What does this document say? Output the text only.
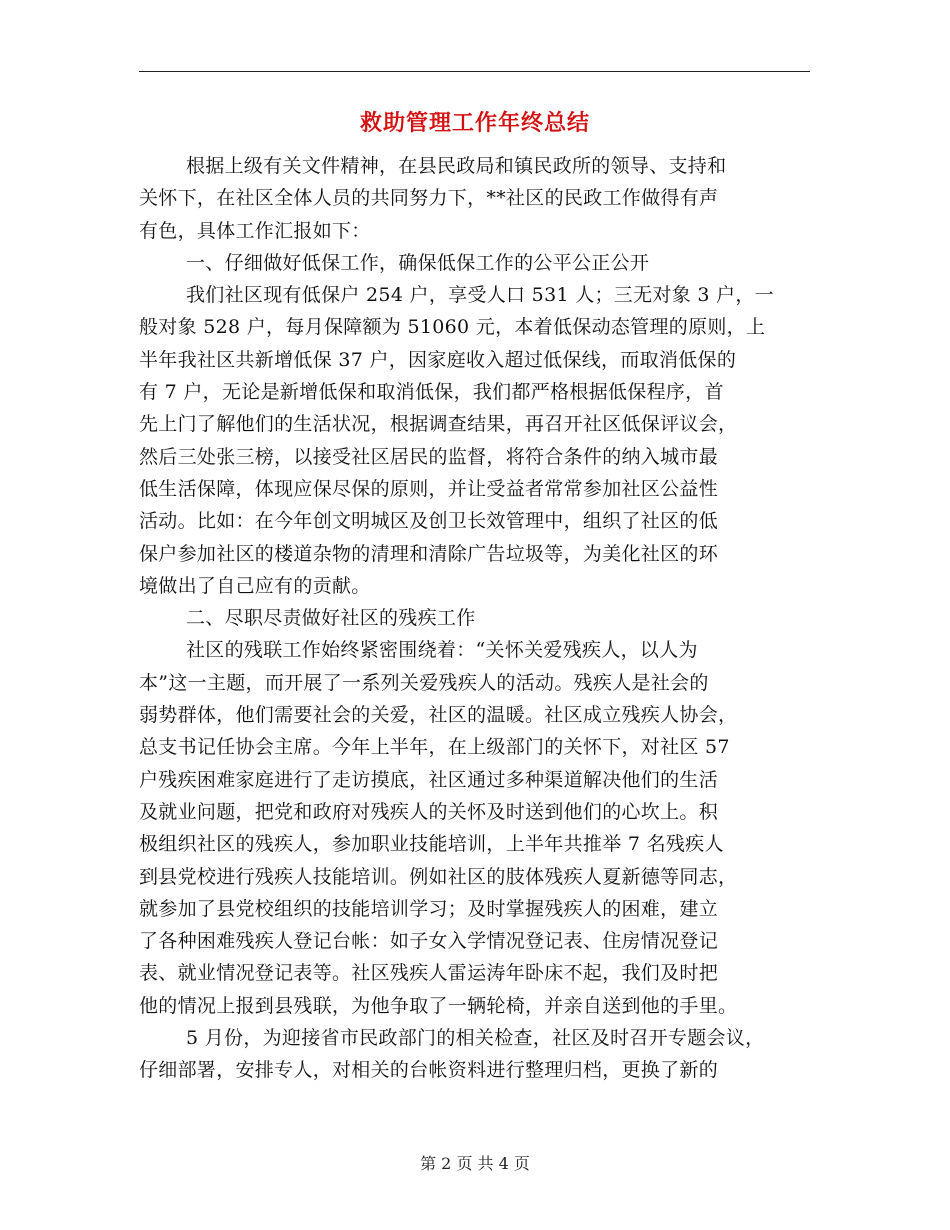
救助管理工作年终总结
根据上级有关文件精神，在县民政局和镇民政所的领导、支持和
关怀下，在社区全体人员的共同努力下，**社区的民政工作做得有声
有色，具体工作汇报如下：
一、仔细做好低保工作，确保低保工作的公平公正公开
我们社区现有低保户 254 户，享受人口 531 人；三无对象 3 户，一
般对象 528 户，每月保障额为 51060 元，本着低保动态管理的原则，上
半年我社区共新增低保 37 户，因家庭收入超过低保线，而取消低保的
有 7 户，无论是新增低保和取消低保，我们都严格根据低保程序，首
先上门了解他们的生活状况，根据调查结果，再召开社区低保评议会，
然后三处张三榜，以接受社区居民的监督，将符合条件的纳入城市最
低生活保障，体现应保尽保的原则，并让受益者常常参加社区公益性
活动。比如：在今年创文明城区及创卫长效管理中，组织了社区的低
保户参加社区的楼道杂物的清理和清除广告垃圾等，为美化社区的环
境做出了自己应有的贡献。
二、尽职尽责做好社区的残疾工作
社区的残联工作始终紧密围绕着：“关怀关爱残疾人，以人为
本”这一主题，而开展了一系列关爱残疾人的活动。残疾人是社会的
弱势群体，他们需要社会的关爱，社区的温暖。社区成立残疾人协会，
总支书记任协会主席。今年上半年，在上级部门的关怀下，对社区 57
户残疾困难家庭进行了走访摸底，社区通过多种渠道解决他们的生活
及就业问题，把党和政府对残疾人的关怀及时送到他们的心坎上。积
极组织社区的残疾人，参加职业技能培训，上半年共推举 7 名残疾人
到县党校进行残疾人技能培训。例如社区的肢体残疾人夏新德等同志，
就参加了县党校组织的技能培训学习；及时掌握残疾人的困难，建立
了各种困难残疾人登记台帐：如子女入学情况登记表、住房情况登记
表、就业情况登记表等。社区残疾人雷运涛年卧床不起，我们及时把
他的情况上报到县残联，为他争取了一辆轮椅，并亲自送到他的手里。
5 月份，为迎接省市民政部门的相关检查，社区及时召开专题会议，
仔细部署，安排专人，对相关的台帐资料进行整理归档，更换了新的
第 2 页 共 4 页
